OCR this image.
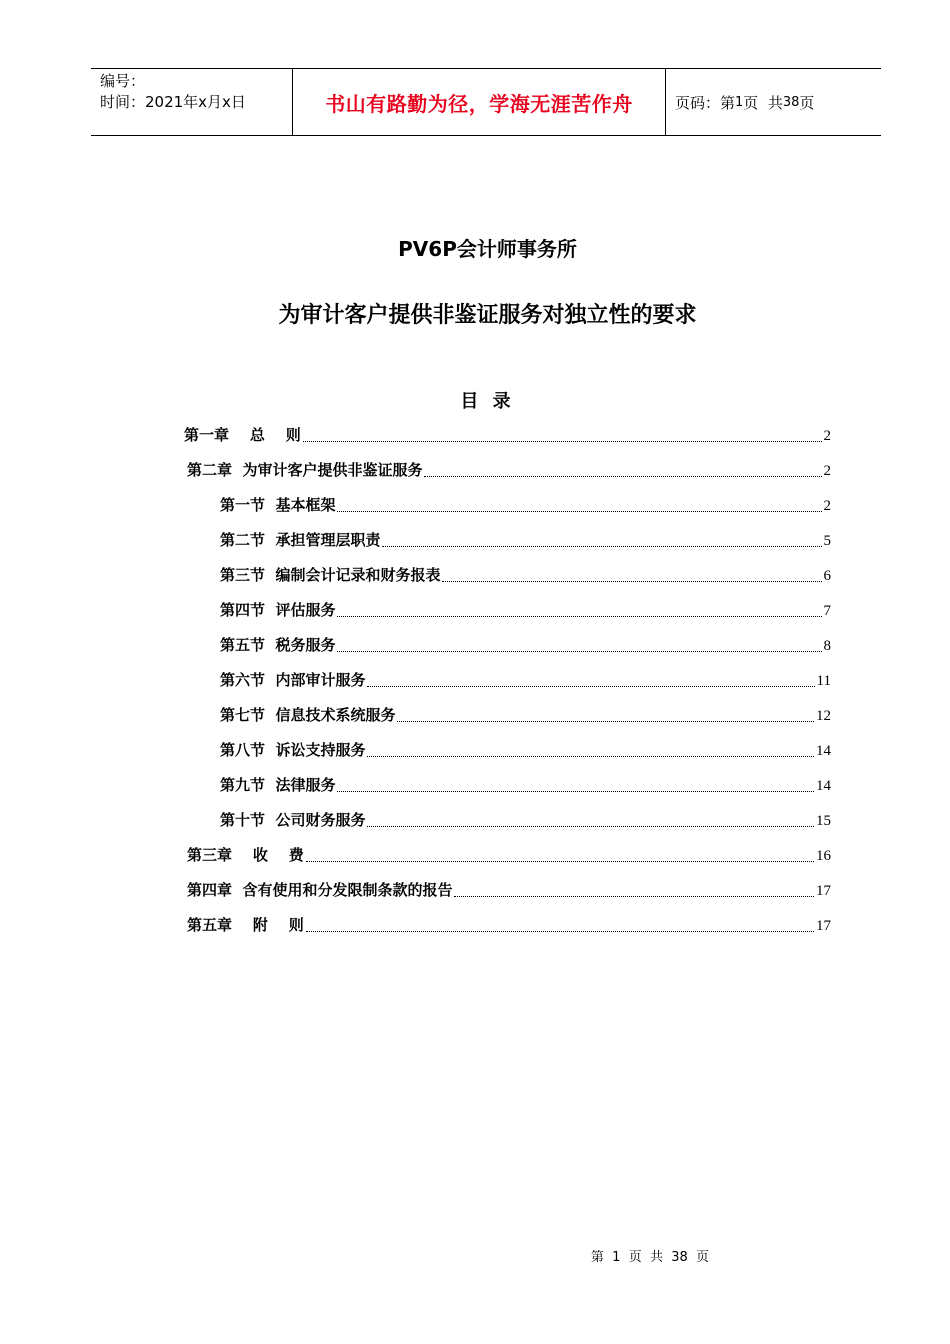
编号：
时间：2021年x月x日	书山有路勤为径，学海无涯苦作舟	页码：第 1 页  共 38 页
PV6P会计师事务所
为审计客户提供非鉴证服务对独立性的要求
目 录
第一章    总    则	2
第二章  为审计客户提供非鉴证服务	2
第一节  基本框架	2
第二节  承担管理层职责	5
第三节  编制会计记录和财务报表	6
第四节  评估服务	7
第五节  税务服务	8
第六节  内部审计服务	11
第七节  信息技术系统服务	12
第八节  诉讼支持服务	14
第九节  法律服务	14
第十节  公司财务服务	15
第三章    收    费	16
第四章  含有使用和分发限制条款的报告	17
第五章    附    则	17
第  1  页  共  38  页
